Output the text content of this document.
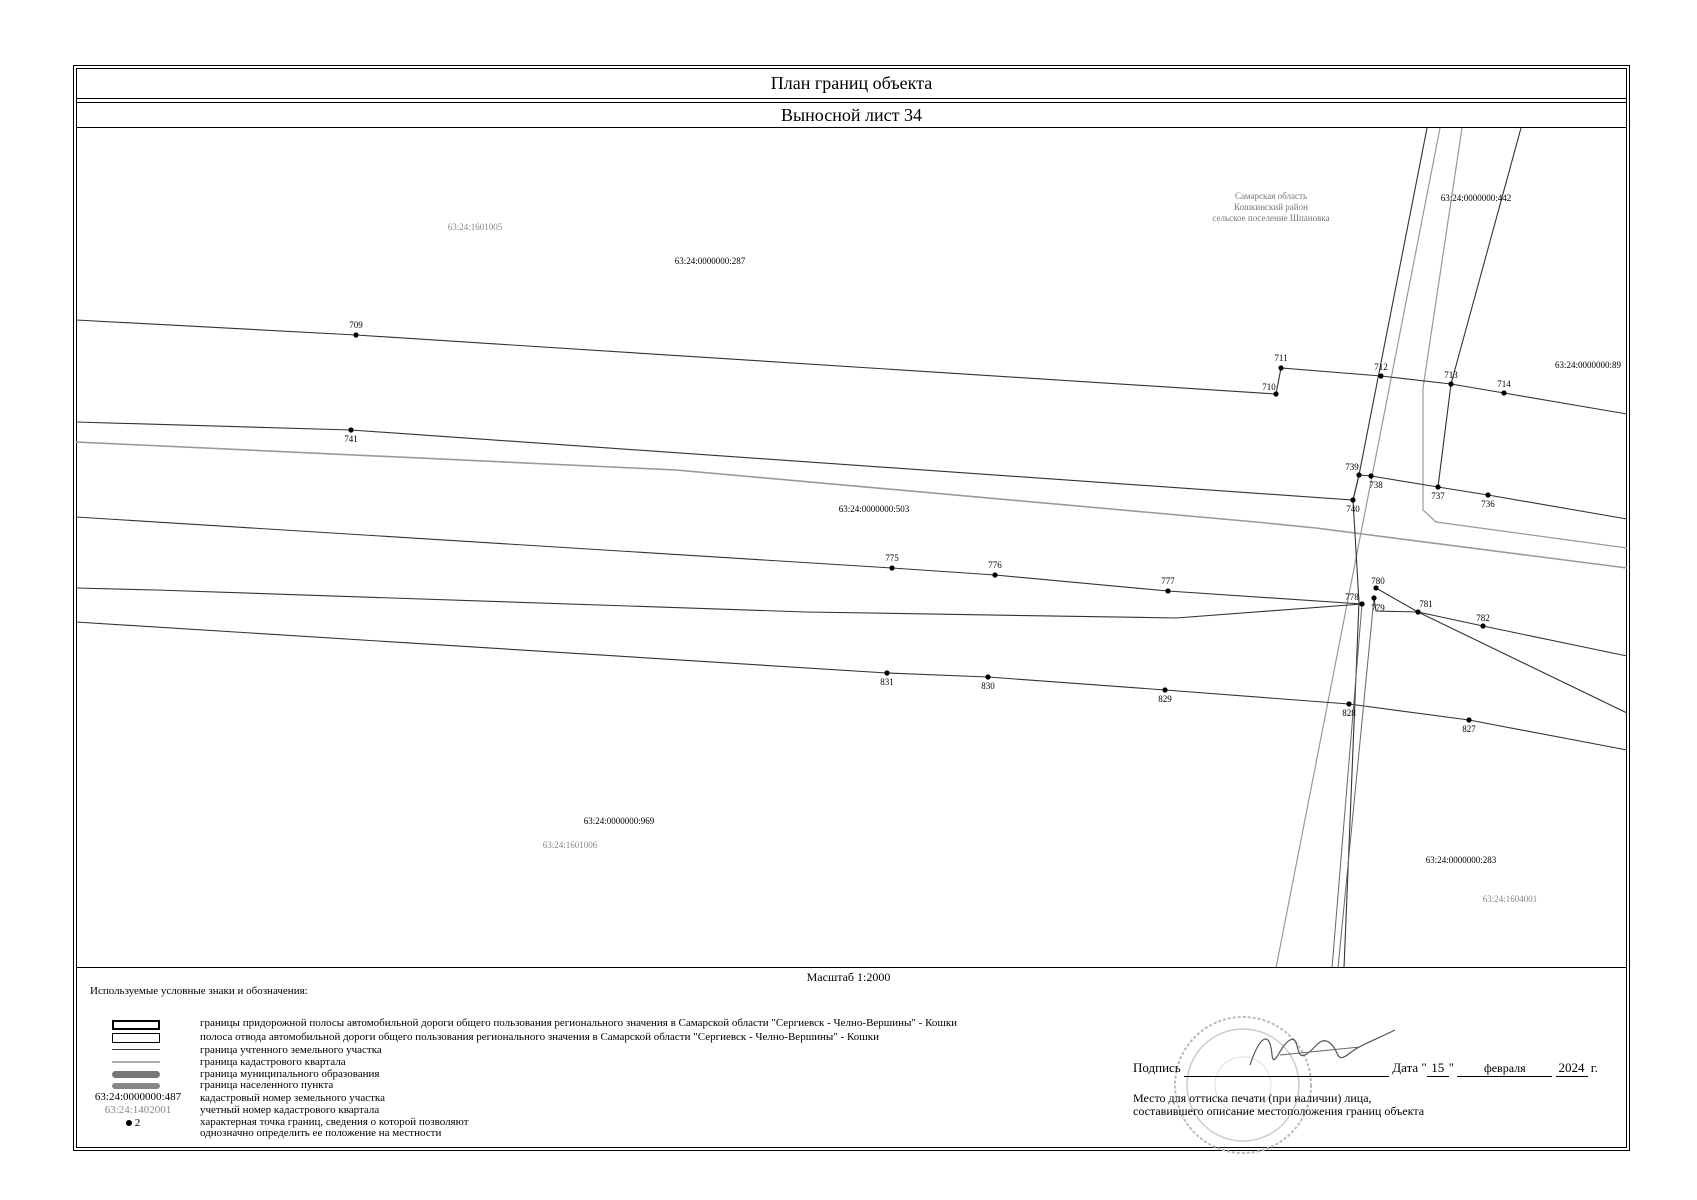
План границ объекта
Выносной лист 34
709
710
711
712
713
714
741
740
739
738
737
736
775
776
777
778
779
780
781
782
831	830
829
828
827
63:24:0000000:287
63:24:0000000:442
63:24:0000000:89
63:24:0000000:503
63:24:0000000:969
63:24:0000000:283
63:24:1601005
63:24:1601006
63:24:1604001
Самарская область
Кошкинский район
сельское поселение Шпановка
Масштаб 1:2000
Используемые условные знаки и обозначения:
63:24:0000000:487
63:24:1402001
2
границы придорожной полосы автомобильной дороги общего пользования регионального значения в Самарской области "Сергиевск - Челно-Вершины" - Кошки
полоса отвода автомобильной дороги общего пользования регионального значения в Самарской области "Сергиевск - Челно-Вершины" - Кошки
граница учтенного земельного участка
граница кадастрового квартала
граница муниципального образования
граница населенного пункта
кадастровый номер земельного участка
учетный номер кадастрового квартала
характерная точка границ, сведения о которой позволяют
однозначно определить ее положение на местности
Подпись	Дата " 15 " февраля	2024 г.
Место для оттиска печати (при наличии) лица,
составившего описание местоположения границ объекта
